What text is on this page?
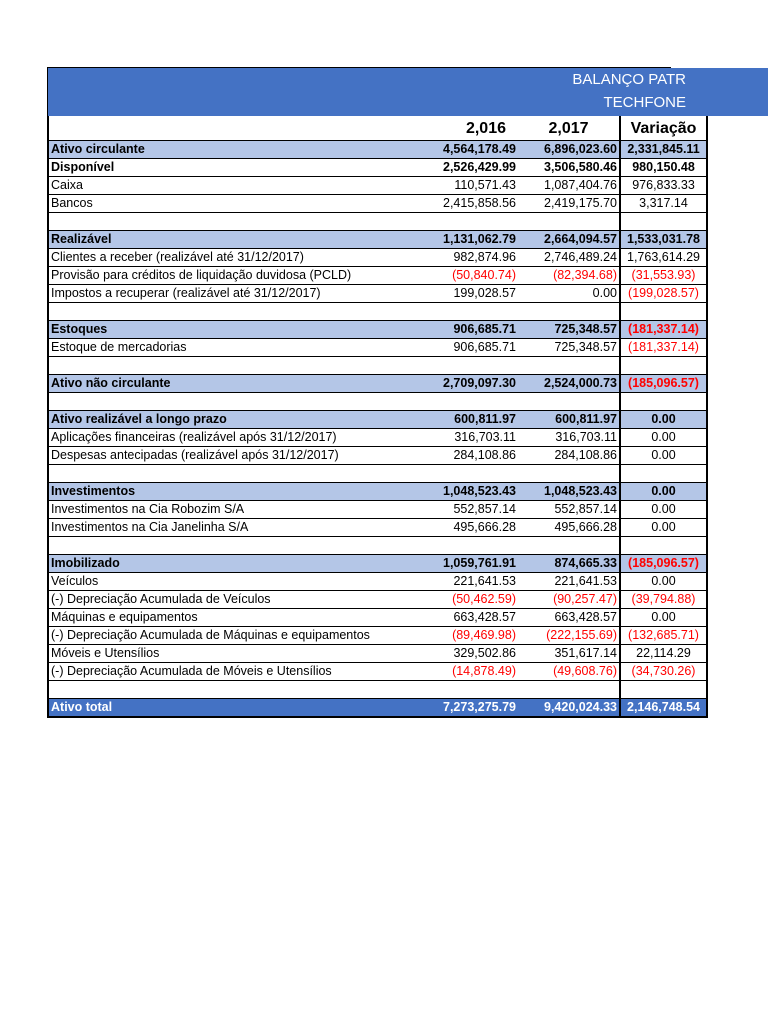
BALANÇO PATR
TECHFONE
	2,016	2,017	Variação
Ativo circulante	4,564,178.49	6,896,023.60	2,331,845.11
Disponível	2,526,429.99	3,506,580.46	980,150.48
Caixa	110,571.43	1,087,404.76	976,833.33
Bancos	2,415,858.56	2,419,175.70	3,317.14

Realizável	1,131,062.79	2,664,094.57	1,533,031.78
Clientes a receber (realizável até 31/12/2017)	982,874.96	2,746,489.24	1,763,614.29
Provisão para créditos de liquidação duvidosa (PCLD)	(50,840.74)	(82,394.68)	(31,553.93)
Impostos a recuperar (realizável até 31/12/2017)	199,028.57	0.00	(199,028.57)

Estoques	906,685.71	725,348.57	(181,337.14)
Estoque de mercadorias	906,685.71	725,348.57	(181,337.14)

Ativo não circulante	2,709,097.30	2,524,000.73	(185,096.57)

Ativo realizável a longo prazo	600,811.97	600,811.97	0.00
Aplicações financeiras (realizável após 31/12/2017)	316,703.11	316,703.11	0.00
Despesas antecipadas (realizável após 31/12/2017)	284,108.86	284,108.86	0.00

Investimentos	1,048,523.43	1,048,523.43	0.00
Investimentos na Cia Robozim S/A	552,857.14	552,857.14	0.00
Investimentos na Cia Janelinha S/A	495,666.28	495,666.28	0.00

Imobilizado	1,059,761.91	874,665.33	(185,096.57)
Veículos	221,641.53	221,641.53	0.00
(-) Depreciação Acumulada de Veículos	(50,462.59)	(90,257.47)	(39,794.88)
Máquinas e equipamentos	663,428.57	663,428.57	0.00
(-) Depreciação Acumulada de Máquinas e equipamentos	(89,469.98)	(222,155.69)	(132,685.71)
Móveis e Utensílios	329,502.86	351,617.14	22,114.29
(-) Depreciação Acumulada de Móveis e Utensílios	(14,878.49)	(49,608.76)	(34,730.26)

Ativo total	7,273,275.79	9,420,024.33	2,146,748.54
